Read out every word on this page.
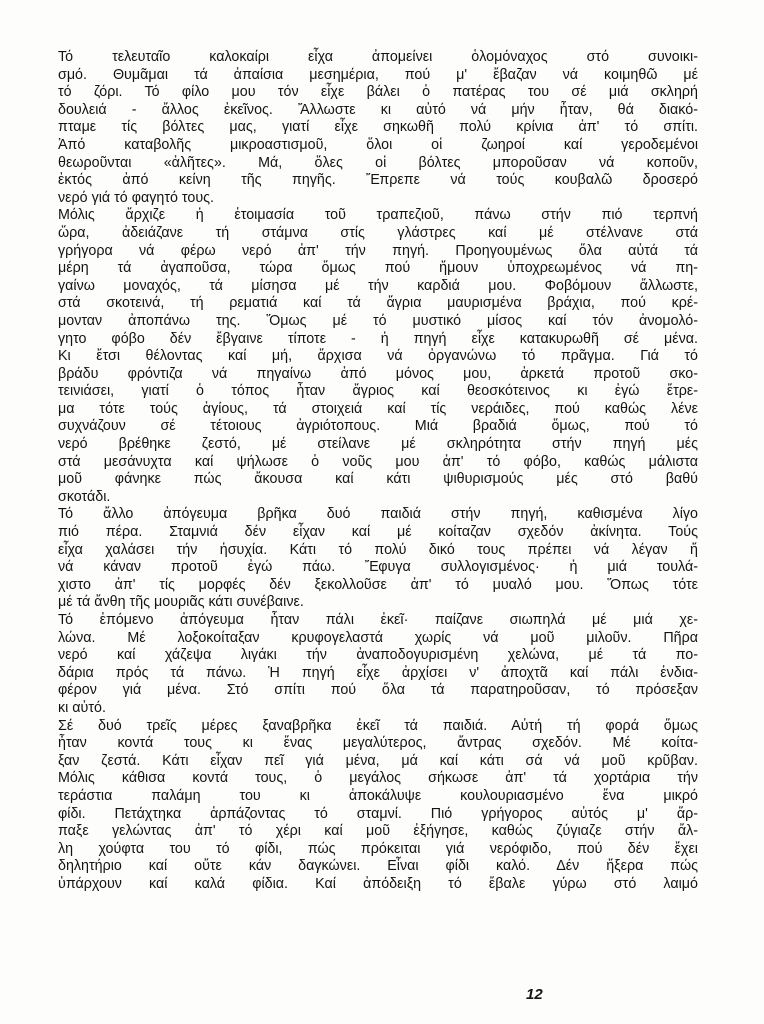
Τό τελευταῖο καλοκαίρι εἶχα ἀπομείνει ὁλομόναχος στό συνοικι-
σμό. Θυμᾶμαι τά ἀπαίσια μεσημέρια, πού μ' ἔβαζαν νά κοιμηθῶ μέ
τό ζόρι. Τό φίλο μου τόν εἶχε βάλει ὁ πατέρας του σέ μιά σκληρή
δουλειά - ἄλλος ἐκεῖνος. Ἄλλωστε κι αὐτό νά μήν ἦταν, θά διακό-
πταμε τίς βόλτες μας, γιατί εἶχε σηκωθῆ πολύ κρίνια ἀπ' τό σπίτι.
Ἀπό καταβολῆς μικροαστισμοῦ, ὅλοι οἱ ζωηροί καί γεροδεμένοι
θεωροῦνται «ἀλῆτες». Μά, ὅλες οἱ βόλτες μποροῦσαν νά κοποῦν,
ἐκτός ἀπό κείνη τῆς πηγῆς. Ἔπρεπε νά τούς κουβαλῶ δροσερό
νερό γιά τό φαγητό τους.
Μόλις ἄρχιζε ἡ ἑτοιμασία τοῦ τραπεζιοῦ, πάνω στήν πιό τερπνή
ὥρα, ἀδειάζανε τή στάμνα στίς γλάστρες καί μέ στέλνανε στά
γρήγορα νά φέρω νερό ἀπ' τήν πηγή. Προηγουμένως ὅλα αὐτά τά
μέρη τά ἀγαποῦσα, τώρα ὅμως πού ἤμουν ὑποχρεωμένος νά πη-
γαίνω μοναχός, τά μίσησα μέ τήν καρδιά μου. Φοβόμουν ἄλλωστε,
στά σκοτεινά, τή ρεματιά καί τά ἄγρια μαυρισμένα βράχια, πού κρέ-
μονταν ἀποπάνω της. Ὅμως μέ τό μυστικό μίσος καί τόν ἀνομολό-
γητο φόβο δέν ἔβγαινε τίποτε - ἡ πηγή εἶχε κατακυρωθῆ σέ μένα.
Κι ἔτσι θέλοντας καί μή, ἄρχισα νά ὀργανώνω τό πρᾶγμα. Γιά τό
βράδυ φρόντιζα νά πηγαίνω ἀπό μόνος μου, ἀρκετά προτοῦ σκο-
τεινιάσει, γιατί ὁ τόπος ἦταν ἄγριος καί θεοσκότεινος κι ἐγώ ἔτρε-
μα τότε τούς ἁγίους, τά στοιχειά καί τίς νεράιδες, πού καθώς λένε
συχνάζουν σέ τέτοιους ἀγριότοπους. Μιά βραδιά ὅμως, πού τό
νερό βρέθηκε ζεστό, μέ στείλανε μέ σκληρότητα στήν πηγή μές
στά μεσάνυχτα καί ψήλωσε ὁ νοῦς μου ἀπ' τό φόβο, καθώς μάλιστα
μοῦ φάνηκε πώς ἄκουσα καί κάτι ψιθυρισμούς μές στό βαθύ
σκοτάδι.
Τό ἄλλο ἀπόγευμα βρῆκα δυό παιδιά στήν πηγή, καθισμένα λίγο
πιό πέρα. Σταμνιά δέν εἶχαν καί μέ κοίταζαν σχεδόν ἀκίνητα. Τούς
εἶχα χαλάσει τήν ἡσυχία. Κάτι τό πολύ δικό τους πρέπει νά λέγαν ἤ
νά κάναν προτοῦ ἐγώ πάω. Ἔφυγα συλλογισμένος· ἡ μιά τουλά-
χιστο ἀπ' τίς μορφές δέν ξεκολλοῦσε ἀπ' τό μυαλό μου. Ὅπως τότε
μέ τά ἄνθη τῆς μουριᾶς κάτι συνέβαινε.
Τό ἑπόμενο ἀπόγευμα ἦταν πάλι ἐκεῖ· παίζανε σιωπηλά μέ μιά χε-
λώνα. Μέ λοξοκοίταξαν κρυφογελαστά χωρίς νά μοῦ μιλοῦν. Πῆρα
νερό καί χάζεψα λιγάκι τήν ἀναποδογυρισμένη χελώνα, μέ τά πο-
δάρια πρός τά πάνω. Ἡ πηγή εἶχε ἀρχίσει ν' ἀποχτᾶ καί πάλι ἐνδια-
φέρον γιά μένα. Στό σπίτι πού ὅλα τά παρατηροῦσαν, τό πρόσεξαν
κι αὐτό.
Σέ δυό τρεῖς μέρες ξαναβρῆκα ἐκεῖ τά παιδιά. Αὐτή τή φορά ὅμως
ἦταν κοντά τους κι ἕνας μεγαλύτερος, ἄντρας σχεδόν. Μέ κοίτα-
ξαν ζεστά. Κάτι εἶχαν πεῖ γιά μένα, μά καί κάτι σά νά μοῦ κρῦβαν.
Μόλις κάθισα κοντά τους, ὁ μεγάλος σήκωσε ἀπ' τά χορτάρια τήν
τεράστια παλάμη του κι ἀποκάλυψε κουλουριασμένο ἕνα μικρό
φίδι. Πετάχτηκα ἁρπάζοντας τό σταμνί. Πιό γρήγορος αὐτός μ' ἅρ-
παξε γελώντας ἀπ' τό χέρι καί μοῦ ἐξήγησε, καθώς ζύγιαζε στήν ἄλ-
λη χούφτα του τό φίδι, πώς πρόκειται γιά νερόφιδο, πού δέν ἔχει
δηλητήριο καί οὔτε κάν δαγκώνει. Εἶναι φίδι καλό. Δέν ἤξερα πώς
ὑπάρχουν καί καλά φίδια. Καί ἀπόδειξη τό ἔβαλε γύρω στό λαιμό
12
